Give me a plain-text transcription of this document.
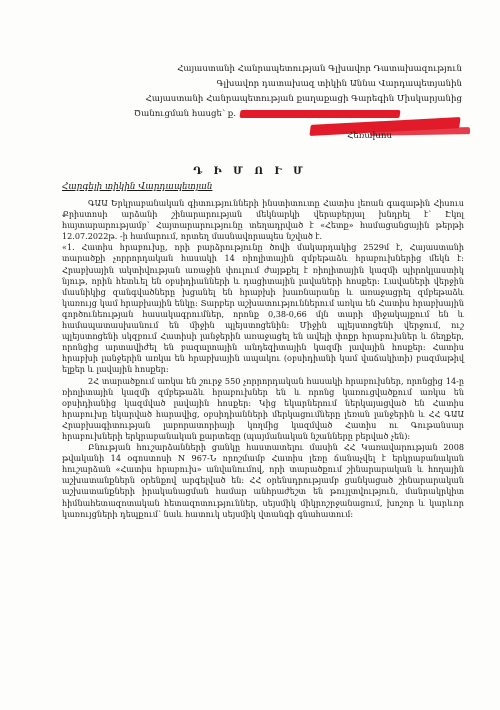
Հայաստանի Հանրապետության Գլխավոր Դատախազություն
Գլխավոր դատախազ տիկին Աննա Վարդապետյանին
Հայաստանի Հանրապետության քաղաքացի Գարեգին Միսկարյանից
Ծանուցման հասցե՝ ք.
Հեռախոս
Դ Ի Մ Ո Ւ Մ
Հարգելի տիկին Վարդապետյան

ԳԱԱ Երկրաբանական գիտությունների ինստիտուտը Հատիս լեռան գագաթին Հիսուս Քրիստոսի արձանի շինարարության մեկնարկի վերաբերյալ խնդրել է՝ Էկոլ հայտարարությամբ՝ Հայտարարությունը տեղադրված է «Հետք» համացանցային թերթի 12.07.2022թ. -ի համարում, որտեղ մասնավորապես նշված է.

«1. Հատիս հրաբուխը, որի բարձրությունը ծովի մակարդակից 2529մ է, Հայաստանի տարածքի չորրորդական հասակի 14 ռիոլիտային զմբեթաձև հրաբուխներից մեկն է։ Հրաբխային ակտիվության առաջին փուլում ժայթքել է ռիոլիտային կազմի պիրոկլաստիկ նյութ, որին հետևել են օբսիդիանների և դացիտային լավաների հոսքեր։ Լավաների վերջին մասնիկից զանգվածները խցանել են հրաբխի խառնարանը և առաջացրել զմբեթաձև կառույց կամ հրաբխային ենկը։ Տարբեր աշխատություններում առկա են Հատիս հրաբխային գործունեության հասակագրումներ, որոնք 0,38-0,66 մլն տարի միջակայքում են և համապատասխանում են միջին պլեյստոցենին։ Միջին պլեյստոցենի վերջում, ուշ պլեյստոցենի սկզբում Հատիսի լանջերին առաջացել են ավելի փոքր հրաբուխներ և ճեղքեր, որոնցից արտավիժել են բազալտային անդեզիտային կազմի լավային հոսքեր։ Հատիս հրաբխի լանջերին առկա են հրաբխային ապակու (օբսիդիանի կամ վաճակիտի) բազմաթիվ ելքեր և լավային հոսքեր։

2Հ տարածքում առկա են շուրջ 550 չորրորդական հասակի հրաբուխներ, որոնցից 14-ը ռիոլիտային կազմի զմբեթաձև հրաբուխներ են և որոնց կառուցվածքում առկա են օբսիդիանից կազմված լավային հոսքեր։ Կից եկարներում ներկայացված են Հատիս հրաբուխը եկարված հարավից, օբսիդիանների մերկացումները լեռան լանջերին և ՀՀ ԳԱԱ Հրաբխագիտության լաբորատորիայի կողմից կազմված Հատիս ու Գութանսար հրաբուխների երկրաբանական քարտեզը (պայմանական նշանները բերված չեն)։

Բնության հուշարձանների ցանկը հաստատելու մասին ՀՀ Կառավարության 2008 թվականի 14 օգոստոսի N 967-Ն որոշմամբ Հատիս լեռը ճանաչվել է երկրաբանական հուշարձան «Հատիս հրաբուխ» անվանումով, որի տարածքում շինարարական և հողային աշխատանքներն օրենքով արգելված են։ ՀՀ օրենսդրությամբ ցանկացած շինարարական աշխատանքների իրականացման համար անհրաժեշտ են թույլտվություն, մանրակրկիտ հիմնահետազոտական հետազոտություններ, սեյսմիկ միկրոշրջանացում, խոշոր և կարևոր կառույցների դեպքում՝ նաև հատուկ սեյսմիկ վտանգի գնահատում։
